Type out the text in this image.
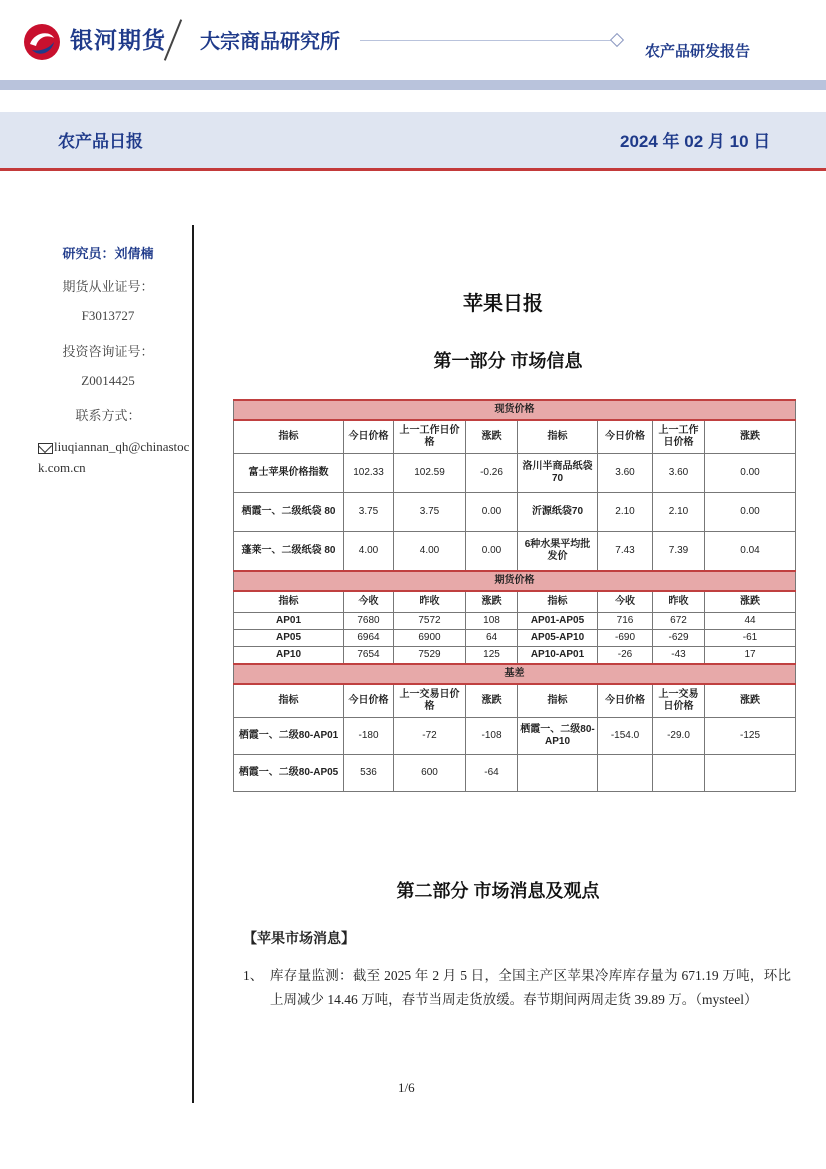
银河期货 大宗商品研究所	农产品研发报告
农产品日报	2024 年 02 月 10 日
研究员：刘倩楠
期货从业证号：
F3013727
投资咨询证号：
Z0014425
联系方式：
liuqiannan_qh@chinastock.com.cn
苹果日报
第一部分 市场信息
现货价格							
指标	今日价格	上一工作日价格	涨跌	指标	今日价格	上一工作日价格	涨跌
富士苹果价格指数	102.33	102.59	-0.26	洛川半商品纸袋70	3.60	3.60	0.00
栖霞一、二级纸袋 80	3.75	3.75	0.00	沂源纸袋70	2.10	2.10	0.00
蓬莱一、二级纸袋 80	4.00	4.00	0.00	6种水果平均批发价	7.43	7.39	0.04
期货价格							
指标	今收	昨收	涨跌	指标	今收	昨收	涨跌
AP01	7680	7572	108	AP01-AP05	716	672	44
AP05	6964	6900	64	AP05-AP10	-690	-629	-61
AP10	7654	7529	125	AP10-AP01	-26	-43	17
基差							
指标	今日价格	上一交易日价格	涨跌	指标	今日价格	上一交易日价格	涨跌
栖霞一、二级80-AP01	-180	-72	-108	栖霞一、二级80-AP10	-154.0	-29.0	-125
栖霞一、二级80-AP05	536	600	-64				
第二部分 市场消息及观点
【苹果市场消息】
1、 库存量监测：截至 2025 年 2 月 5 日，全国主产区苹果冷库库存量为 671.19 万吨，环比上周减少 14.46 万吨，春节当周走货放缓。春节期间两周走货 39.89 万。（mysteel）
1/6
